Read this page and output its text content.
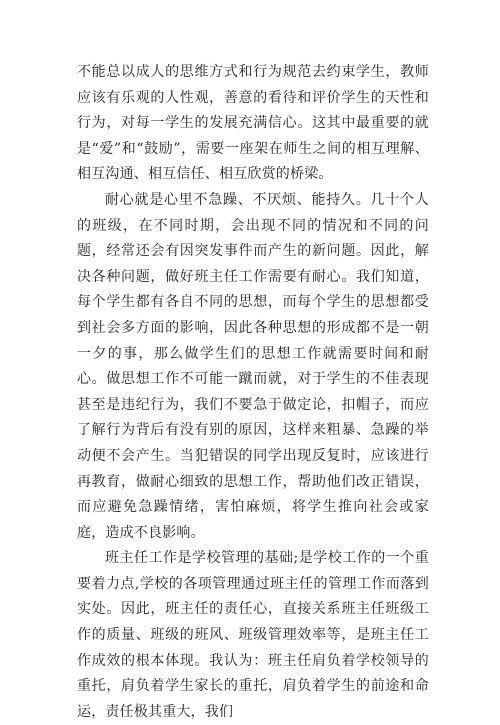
不能总以成人的思维方式和行为规范去约束学生，教师应该有乐观的人性观，善意的看待和评价学生的天性和行为，对每一学生的发展充满信心。这其中最重要的就是“爱”和“鼓励”，需要一座架在师生之间的相互理解、相互沟通、相互信任、相互欣赏的桥梁。

耐心就是心里不急躁、不厌烦、能持久。几十个人的班级，在不同时期，会出现不同的情况和不同的问题，经常还会有因突发事件而产生的新问题。因此，解决各种问题，做好班主任工作需要有耐心。我们知道，每个学生都有各自不同的思想，而每个学生的思想都受到社会多方面的影响，因此各种思想的形成都不是一朝一夕的事，那么做学生们的思想工作就需要时间和耐心。做思想工作不可能一蹴而就，对于学生的不佳表现甚至是违纪行为，我们不要急于做定论，扣帽子，而应了解行为背后有没有别的原因，这样来粗暴、急躁的举动便不会产生。当犯错误的同学出现反复时，应该进行再教育，做耐心细致的思想工作，帮助他们改正错误，而应避免急躁情绪，害怕麻烦，将学生推向社会或家庭，造成不良影响。

班主任工作是学校管理的基础;是学校工作的一个重要着力点,学校的各项管理通过班主任的管理工作而落到实处。因此，班主任的责任心，直接关系班主任班级工作的质量、班级的班风、班级管理效率等，是班主任工作成效的根本体现。我认为：班主任肩负着学校领导的重托，肩负着学生家长的重托，肩负着学生的前途和命运，责任极其重大，我们
